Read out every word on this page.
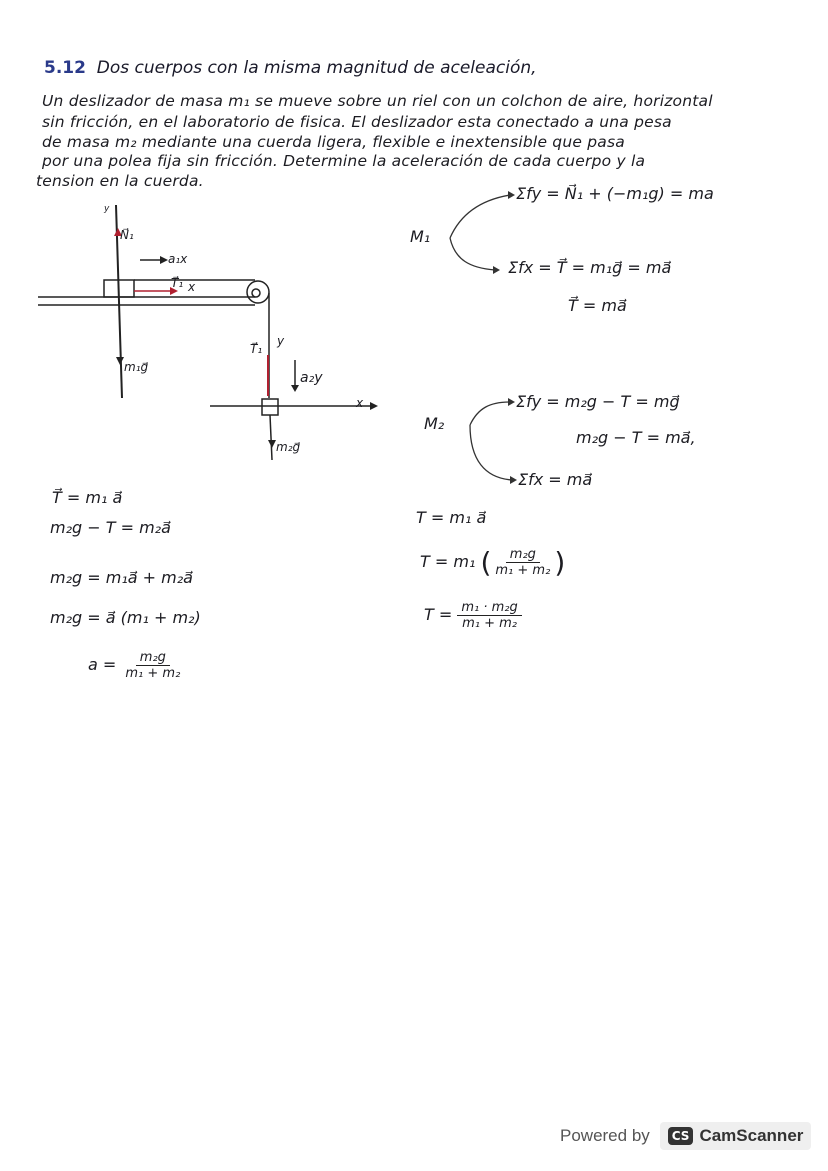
5.12 Dos cuerpos con la misma magnitud de aceleación,
Un deslizador de masa m₁ se mueve sobre un riel con un colchon de aire, horizontal
sin fricción, en el laboratorio de fisica. El deslizador esta conectado a una pesa
de masa m₂ mediante una cuerda ligera, flexible e inextensible que pasa
por una polea fija sin fricción. Determine la aceleración de cada cuerpo y la
tension en la cuerda.
N⃗₁
a₁x
T⃗₁ x
y
m₁g⃗
T⃗₁
y
a₂y
x
m₂g⃗
T⃗ = m₁ a⃗
m₂g − T = m₂a⃗
m₂g = m₁a⃗ + m₂a⃗
m₂g = a⃗ (m₁ + m₂)
$a = \frac{\text{m₂g}}{\text{m₁ + m₂}}$
M₁
Σfy = N⃗₁ + (−m₁g) = ma
Σfx = T⃗ = m₁g⃗ = ma⃗
T⃗ = ma⃗
M₂
Σfy = m₂g − T = mg⃗
m₂g − T = ma⃗,
Σfx = ma⃗
T = m₁ a⃗
T = m₁ ( $\frac{\text{m₂g}}{\text{m₁ + m₂}}$ )
$T = \frac{\text{m₁ · m₂g}}{\text{m₁ + m₂}}$
Powered by	CS CamScanner
